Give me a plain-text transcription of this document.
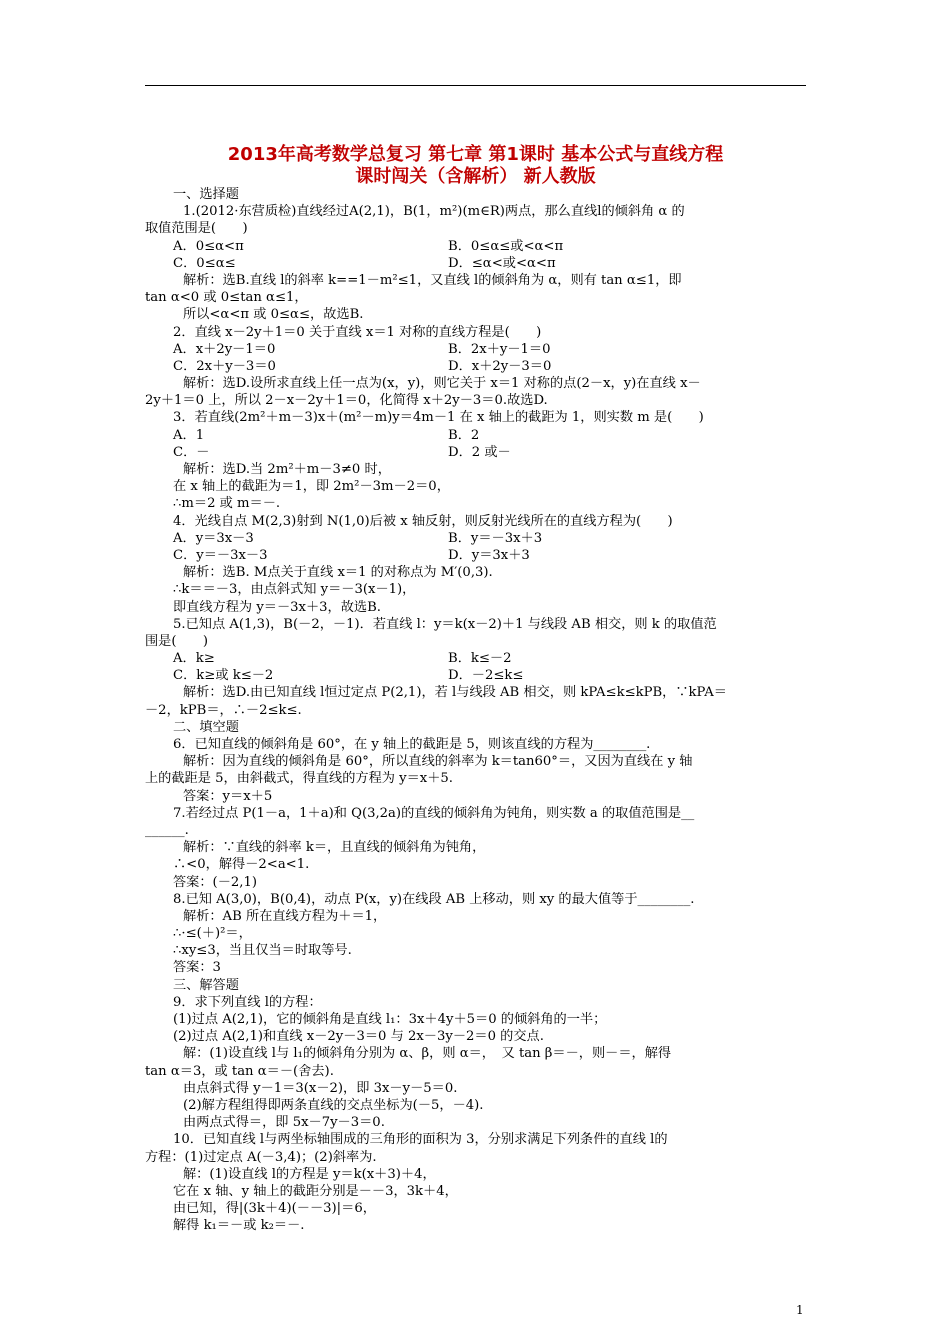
2013年高考数学总复习 第七章 第1课时 基本公式与直线方程
课时闯关（含解析） 新人教版
一、选择题
1.(2012·东营质检)直线经过A(2,1)，B(1，m²)(m∈R)两点，那么直线l的倾斜角 α 的
取值范围是(　　)
A．0≤α<π	B．0≤α≤或<α<π
C．0≤α≤	D．≤α<或<α<π
解析：选B.直线 l的斜率 k==1－m²≤1，又直线 l的倾斜角为 α，则有 tan α≤1，即
tan α<0 或 0≤tan α≤1，
所以<α<π 或 0≤α≤，故选B.
2．直线 x－2y＋1＝0 关于直线 x＝1 对称的直线方程是(　　)
A．x＋2y－1＝0	B．2x＋y－1＝0
C．2x＋y－3＝0	D．x＋2y－3＝0
解析：选D.设所求直线上任一点为(x，y)，则它关于 x＝1 对称的点(2－x，y)在直线 x－
2y＋1＝0 上，所以 2－x－2y＋1＝0，化简得 x＋2y－3＝0.故选D.
3．若直线(2m²＋m－3)x＋(m²－m)y＝4m－1 在 x 轴上的截距为 1，则实数 m 是(　　)
A．1	B．2
C．－	D．2 或－
解析：选D.当 2m²＋m－3≠0 时，
在 x 轴上的截距为＝1，即 2m²－3m－2＝0，
∴m＝2 或 m＝－.
4．光线自点 M(2,3)射到 N(1,0)后被 x 轴反射，则反射光线所在的直线方程为(　　)
A．y＝3x－3	B．y＝－3x＋3
C．y＝－3x－3	D．y＝3x＋3
解析：选B. M点关于直线 x＝1 的对称点为 M′(0,3).
∴k＝＝－3，由点斜式知 y＝－3(x－1)，
即直线方程为 y＝－3x＋3，故选B.
5.已知点 A(1,3)，B(－2，－1)．若直线 l：y＝k(x－2)＋1 与线段 AB 相交，则 k 的取值范
围是(　　)
A．k≥	B．k≤－2
C．k≥或 k≤－2	D．－2≤k≤
解析：选D.由已知直线 l恒过定点 P(2,1)，若 l与线段 AB 相交，则 kPA≤k≤kPB，∵kPA＝
－2，kPB＝，∴－2≤k≤.
二、填空题
6．已知直线的倾斜角是 60°，在 y 轴上的截距是 5，则该直线的方程为________.
解析：因为直线的倾斜角是 60°，所以直线的斜率为 k＝tan60°＝，又因为直线在 y 轴
上的截距是 5，由斜截式，得直线的方程为 y＝x＋5.
答案：y＝x＋5
7.若经过点 P(1－a，1＋a)和 Q(3,2a)的直线的倾斜角为钝角，则实数 a 的取值范围是__
______.
解析：∵直线的斜率 k＝，且直线的倾斜角为钝角，
∴<0，解得－2<a<1.
答案：(－2,1)
8.已知 A(3,0)，B(0,4)，动点 P(x，y)在线段 AB 上移动，则 xy 的最大值等于________.
解析：AB 所在直线方程为＋＝1，
∴·≤(＋)²＝，
∴xy≤3，当且仅当＝时取等号.
答案：3
三、解答题
9．求下列直线 l的方程：
(1)过点 A(2,1)，它的倾斜角是直线 l₁：3x＋4y＋5＝0 的倾斜角的一半；
(2)过点 A(2,1)和直线 x－2y－3＝0 与 2x－3y－2＝0 的交点.
解：(1)设直线 l与 l₁的倾斜角分别为 α、β，则 α＝，　又 tan β＝－，则－＝，解得
tan α＝3，或 tan α＝－(舍去).
由点斜式得 y－1＝3(x－2)，即 3x－y－5＝0.
(2)解方程组得即两条直线的交点坐标为(－5，－4).
由两点式得＝，即 5x－7y－3＝0.
10．已知直线 l与两坐标轴围成的三角形的面积为 3，分别求满足下列条件的直线 l的
方程：(1)过定点 A(－3,4)；(2)斜率为.
解：(1)设直线 l的方程是 y＝k(x＋3)＋4，
它在 x 轴、y 轴上的截距分别是－－3，3k＋4，
由已知，得|(3k＋4)(－－3)|＝6，
解得 k₁＝－或 k₂＝－.
1
